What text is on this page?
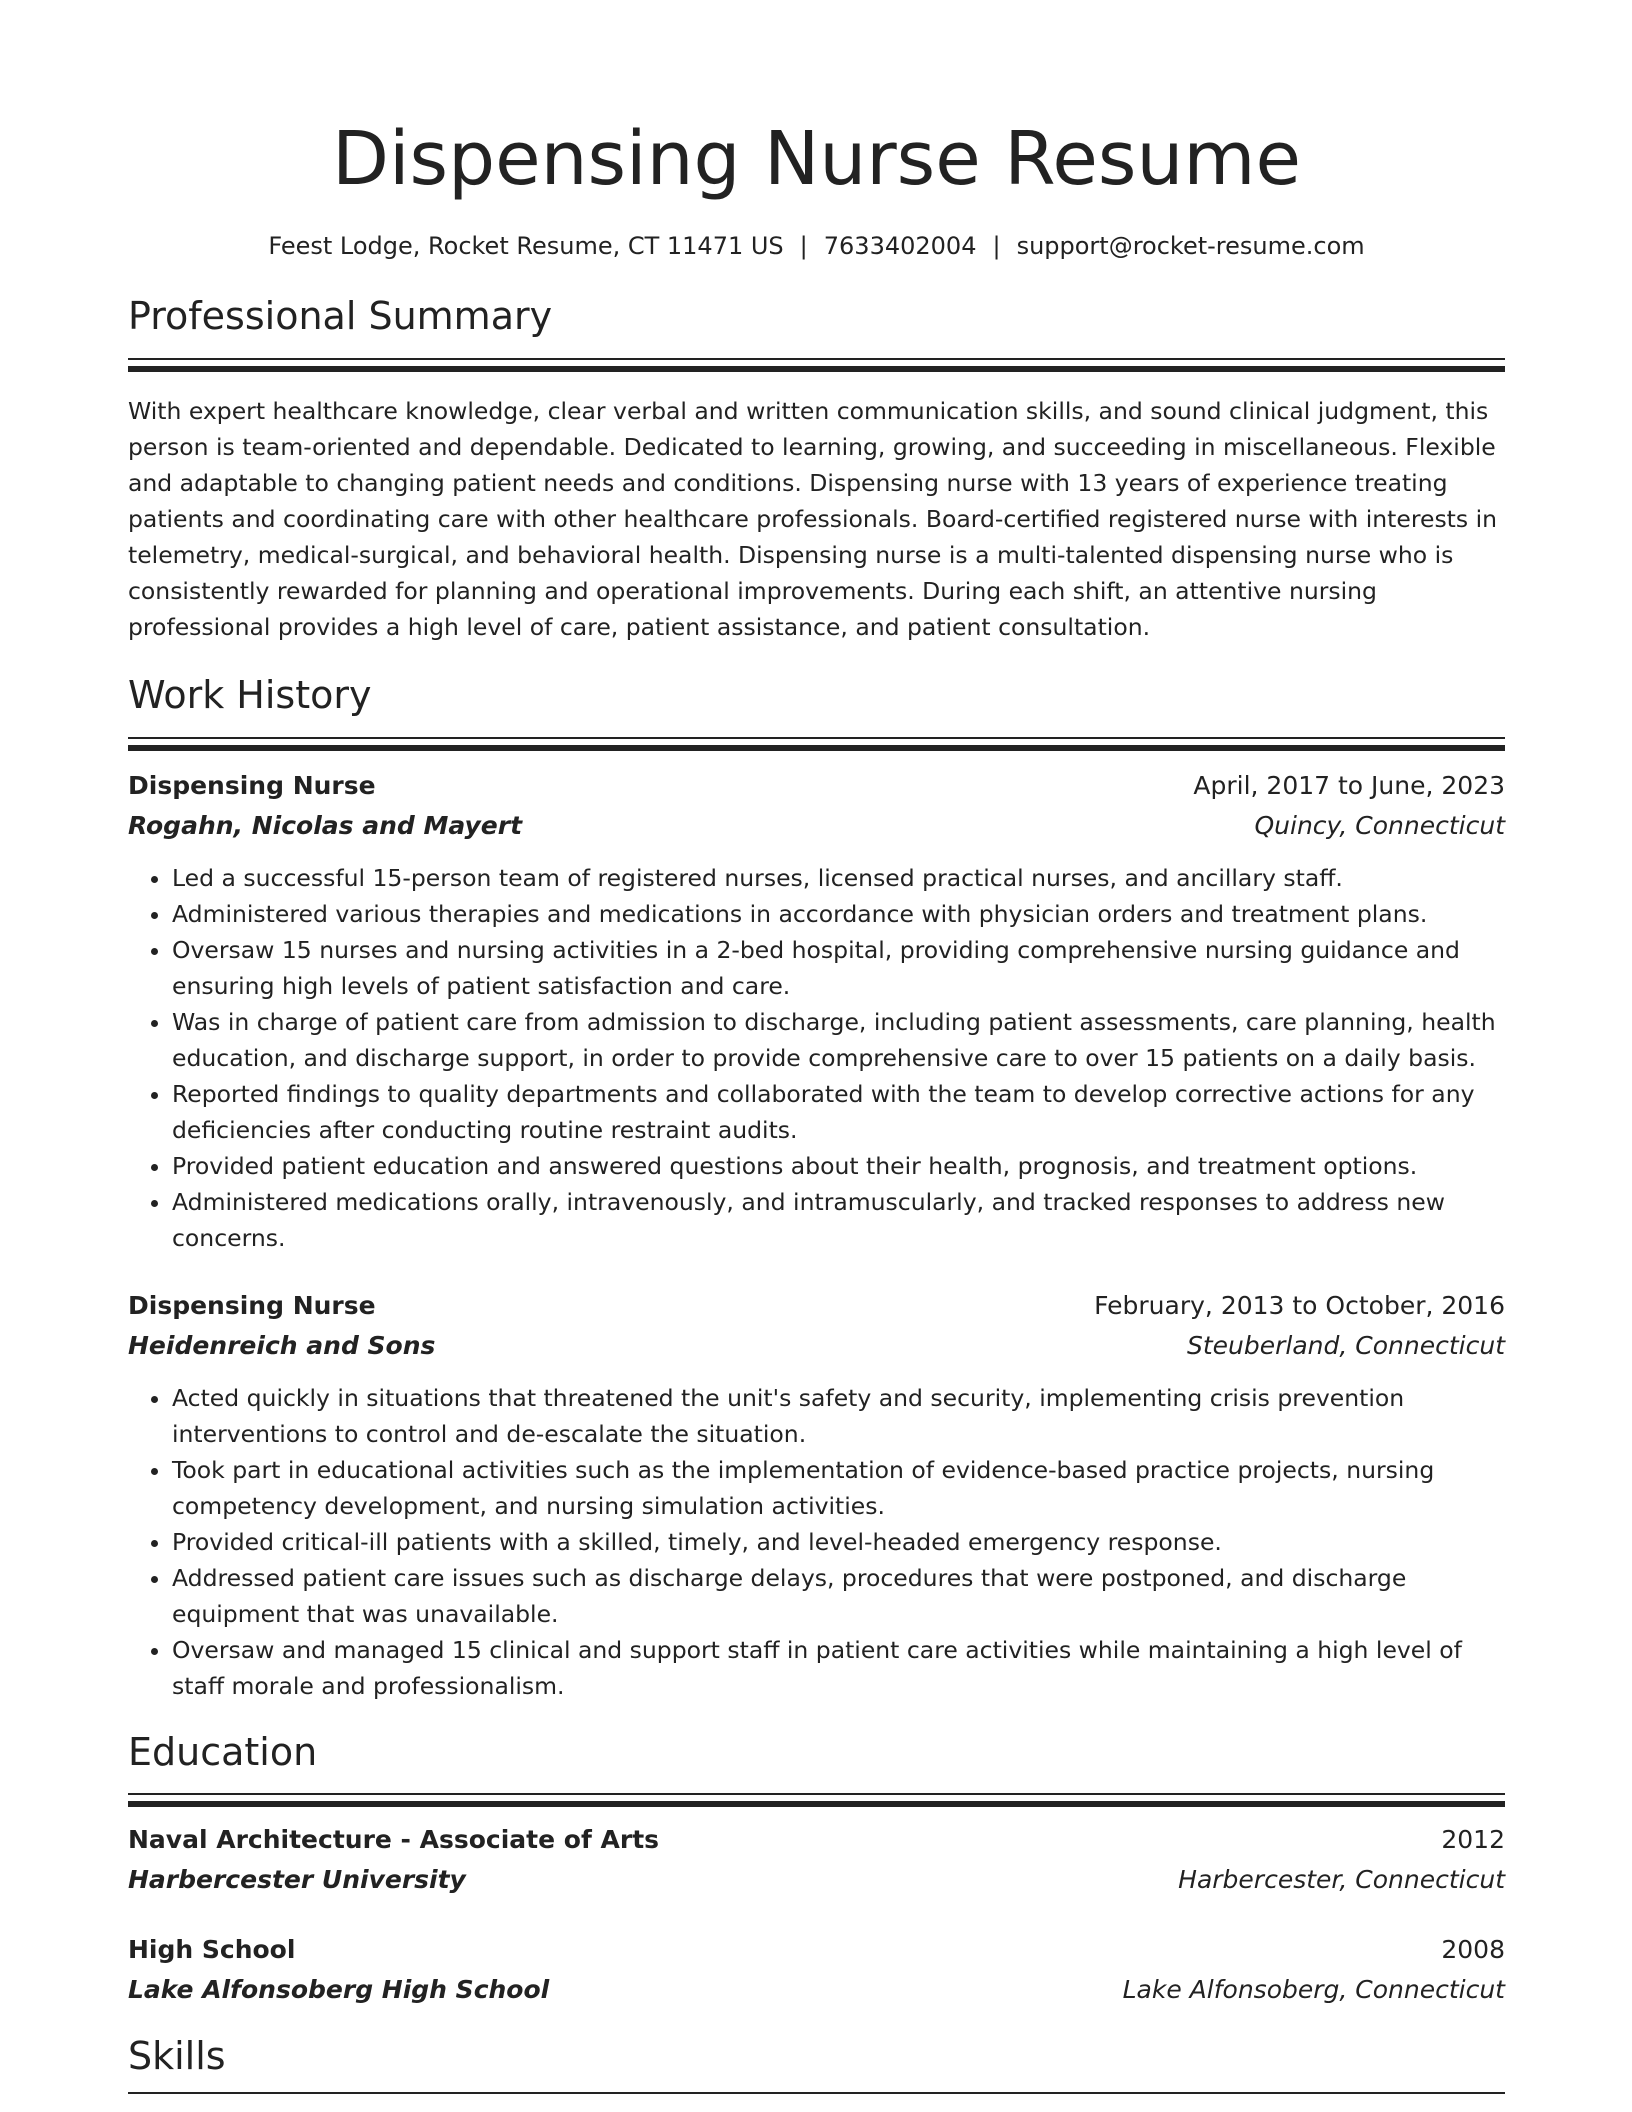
Dispensing Nurse Resume
Feest Lodge, Rocket Resume, CT 11471 US | 7633402004 | support@rocket-resume.com
Professional Summary

With expert healthcare knowledge, clear verbal and written communication skills, and sound clinical judgment, this person is team-oriented and dependable. Dedicated to learning, growing, and succeeding in miscellaneous. Flexible and adaptable to changing patient needs and conditions. Dispensing nurse with 13 years of experience treating patients and coordinating care with other healthcare professionals. Board-certified registered nurse with interests in telemetry, medical-surgical, and behavioral health. Dispensing nurse is a multi-talented dispensing nurse who is consistently rewarded for planning and operational improvements. During each shift, an attentive nursing professional provides a high level of care, patient assistance, and patient consultation.

Work History
Dispensing Nurse	April, 2017 to June, 2023
Rogahn, Nicolas and Mayert	Quincy, Connecticut
• Led a successful 15-person team of registered nurses, licensed practical nurses, and ancillary staff.
• Administered various therapies and medications in accordance with physician orders and treatment plans.
• Oversaw 15 nurses and nursing activities in a 2-bed hospital, providing comprehensive nursing guidance and ensuring high levels of patient satisfaction and care.
• Was in charge of patient care from admission to discharge, including patient assessments, care planning, health education, and discharge support, in order to provide comprehensive care to over 15 patients on a daily basis.
• Reported findings to quality departments and collaborated with the team to develop corrective actions for any deficiencies after conducting routine restraint audits.
• Provided patient education and answered questions about their health, prognosis, and treatment options.
• Administered medications orally, intravenously, and intramuscularly, and tracked responses to address new concerns.
Dispensing Nurse	February, 2013 to October, 2016
Heidenreich and Sons	Steuberland, Connecticut
• Acted quickly in situations that threatened the unit's safety and security, implementing crisis prevention interventions to control and de-escalate the situation.
• Took part in educational activities such as the implementation of evidence-based practice projects, nursing competency development, and nursing simulation activities.
• Provided critical-ill patients with a skilled, timely, and level-headed emergency response.
• Addressed patient care issues such as discharge delays, procedures that were postponed, and discharge equipment that was unavailable.
• Oversaw and managed 15 clinical and support staff in patient care activities while maintaining a high level of staff morale and professionalism.
Education
Naval Architecture - Associate of Arts	2012
Harbercester University	Harbercester, Connecticut
High School	2008
Lake Alfonsoberg High School	Lake Alfonsoberg, Connecticut
Skills
